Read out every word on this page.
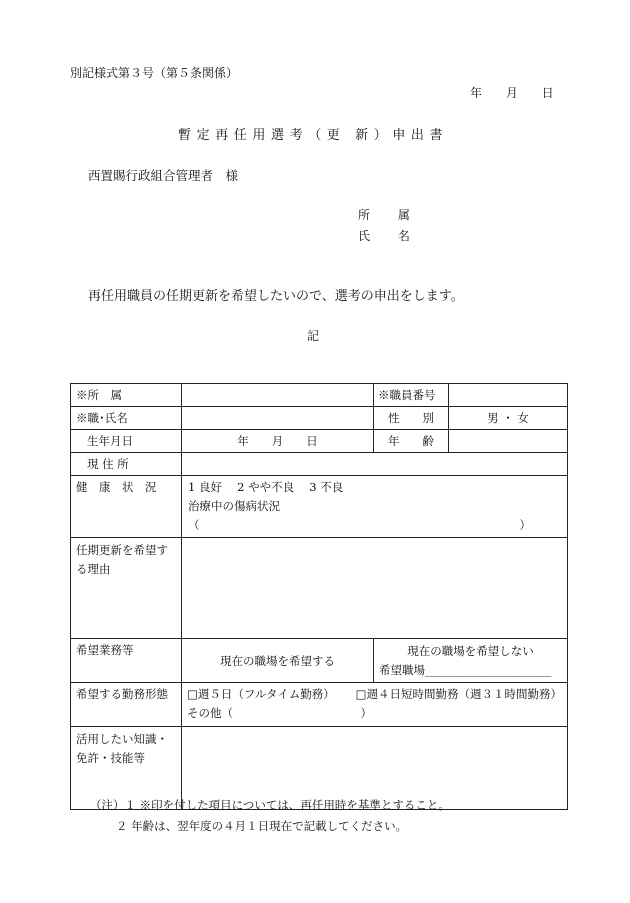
別記様式第３号（第５条関係）
年 月 日
暫定再任用選考（更 新）申出書
西置賜行政組合管理者　様
所 属
氏 名
再任用職員の任期更新を希望したいので、選考の申出をします。
記
※所　属		※職員番号	
※職･氏名		性　　別	男 ・ 女
生年月日	年　　月　　日	年　　齢	
現 住 所			
健　康　状　況	1 良好　 2 やや不良　 3 不良
治療中の傷病状況
（ ）		

任期更新を希望す
る理由			

希望業務等	現在の職場を希望する	現在の職場を希望しない
希望職場______________________	

希望する勤務形態	□週５日（フルタイム勤務） □週４日短時間勤務（週３１時間勤務）
その他（ ）		

活用したい知識・
免許・技能等			

（注）１ ※印を付した項目については、再任用時を基準とすること。
２ 年齢は、翌年度の４月１日現在で記載してください。
